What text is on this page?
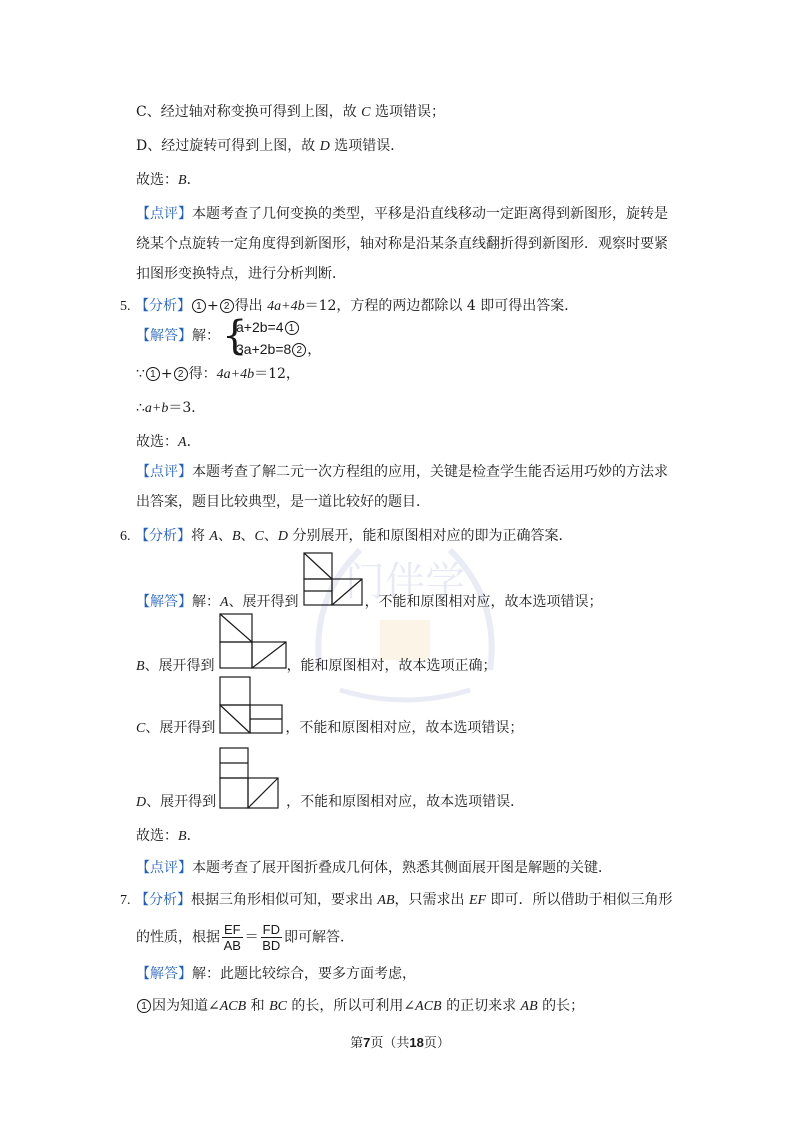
门伴学
C、经过轴对称变换可得到上图，故 C 选项错误；
D、经过旋转可得到上图，故 D 选项错误．
故选：B．
【点评】本题考查了几何变换的类型，平移是沿直线移动一定距离得到新图形，旋转是
绕某个点旋转一定角度得到新图形，轴对称是沿某条直线翻折得到新图形．观察时要紧
扣图形变换特点，进行分析判断．
5. 【分析】 1 + 2 得出 4a+4b＝12，方程的两边都除以 4 即可得出答案．
【解答】解： {
a+2b=4 1
3a+2b=8 2 ，
∵ 1 + 2 得：4a+4b＝12，
∴a+b＝3．
故选：A．
【点评】本题考查了解二元一次方程组的应用，关键是检查学生能否运用巧妙的方法求
出答案，题目比较典型，是一道比较好的题目．
6. 【分析】将 A、B、C、D 分别展开，能和原图相对应的即为正确答案．
【解答】解：A、展开得到	，不能和原图相对应，故本选项错误；
B、展开得到	，能和原图相对，故本选项正确；
C、展开得到	，不能和原图相对应，故本选项错误；
D、展开得到	，不能和原图相对应，故本选项错误．
故选：B．
【点评】本题考查了展开图折叠成几何体，熟悉其侧面展开图是解题的关键．
7. 【分析】根据三角形相似可知，要求出 AB，只需求出 EF 即可．所以借助于相似三角形
的性质，根据 $\frac{EF}{AB} = \frac{FD}{BD}$ 即可解答．
【解答】解：此题比较综合，要多方面考虑，
1 因为知道∠ACB 和 BC 的长，所以可利用∠ACB 的正切来求 AB 的长；
第7页（共18页）
